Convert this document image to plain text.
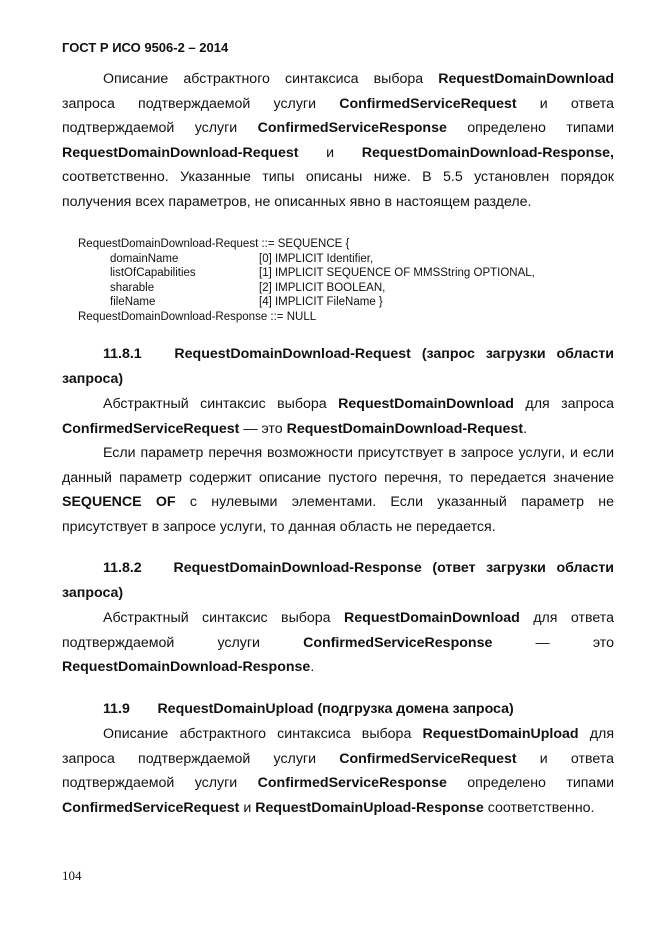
ГОСТ Р ИСО 9506-2 – 2014
Описание абстрактного синтаксиса выбора RequestDomainDownload запроса подтверждаемой услуги ConfirmedServiceRequest и ответа подтверждаемой услуги ConfirmedServiceResponse определено типами RequestDomainDownload-Request и RequestDomainDownload-Response, соответственно. Указанные типы описаны ниже. В 5.5 установлен порядок получения всех параметров, не описанных явно в настоящем разделе.
RequestDomainDownload-Request ::= SEQUENCE {
domainName	[0] IMPLICIT Identifier,
listOfCapabilities	[1] IMPLICIT SEQUENCE OF MMSString OPTIONAL,
sharable	[2] IMPLICIT BOOLEAN,
fileName	[4] IMPLICIT FileName }
RequestDomainDownload-Response ::= NULL
11.8.1 RequestDomainDownload-Request (запрос загрузки области запроса)
Абстрактный синтаксис выбора RequestDomainDownload для запроса ConfirmedServiceRequest — это RequestDomainDownload-Request.
Если параметр перечня возможности присутствует в запросе услуги, и если данный параметр содержит описание пустого перечня, то передается значение SEQUENCE OF с нулевыми элементами. Если указанный параметр не присутствует в запросе услуги, то данная область не передается.
11.8.2 RequestDomainDownload-Response (ответ загрузки области запроса)
Абстрактный синтаксис выбора RequestDomainDownload для ответа подтверждаемой услуги ConfirmedServiceResponse — это RequestDomainDownload-Response.
11.9 RequestDomainUpload (подгрузка домена запроса)
Описание абстрактного синтаксиса выбора RequestDomainUpload для запроса подтверждаемой услуги ConfirmedServiceRequest и ответа подтверждаемой услуги ConfirmedServiceResponse определено типами ConfirmedServiceRequest и RequestDomainUpload-Response соответственно.
104
